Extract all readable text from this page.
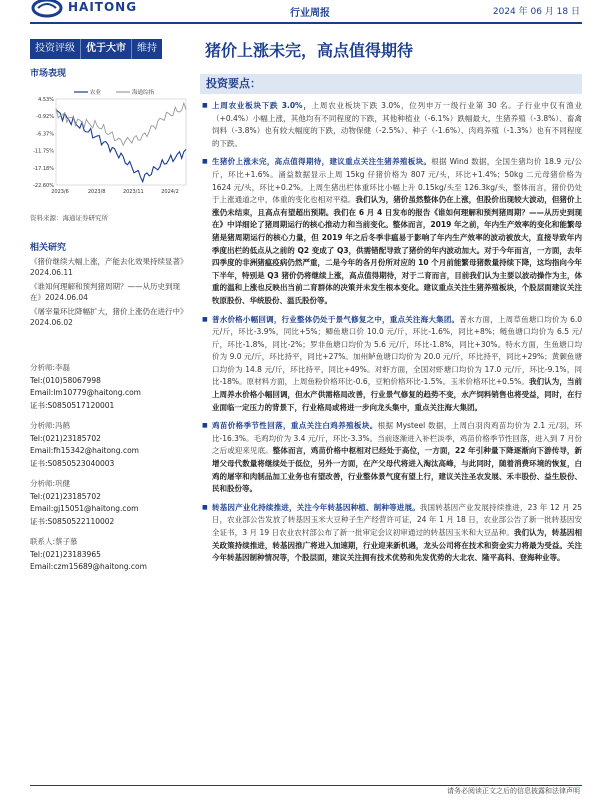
HAITONG	行业周报	2024 年 06 月 18 日
投资评级	优于大市	维持	猪价上涨未完，高点值得期待
市场表现
4.53%
-0.92%
-6.37%
-11.75%
-17.18%
-22.60%
2023/6	2023/8	2023/11	2024/2
农业	海通综指
资料来源：海通证券研究所
相关研究
《猪价继续大幅上涨，产能去化效果持续显著》2024.06.11
《谁知何理解和预判猪周期？——从历史到现在》2024.06.04
《屠宰量环比降幅扩大，猪价上涨仍在进行中》2024.06.02
分析师:李磊
Tel:(010)58067998
Email:lm10779@haitong.com
证书:S0850517120001
分析师:冯鹤
Tel:(021)23185702
Email:fh15342@haitong.com
证书:S0850523040003
分析师:巩健
Tel:(021)23185702
Email:gj15051@haitong.com
证书:S0850522110002
联系人:蔡子慕
Tel:(021)23183965
Email:czm15689@haitong.com
投资要点：
■ 上周农业板块下跌 3.0%，上周农业板块下跌 3.0%，位列申万一级行业第 30 名。子行业中仅有渔业（+0.4%）小幅上涨，其他均有不同程度的下跌，其他种植业（-6.1%）跌幅最大，生猪养殖（-3.8%）、畜禽饲料（-3.8%）也有较大幅度的下跌，动物保健（-2.5%）、种子（-1.6%）、肉鸡养殖（-1.3%）也有不同程度的下跌。
■ 生猪价上涨未完，高点值得期待，建议重点关注生猪养殖板块。根据 Wind 数据，全国生猪均价 18.9 元/公斤，环比+1.6%。涌益数据显示上周 15kg 仔猪价格为 807 元/头，环比+1.4%；50kg 二元母猪价格为 1624 元/头，环比+0.2%。上周生猪出栏体重环比小幅上升 0.15kg/头至 126.3kg/头，整体而言，猪价仍处于上涨通道之中，体重的变化也相对平稳。我们认为，猪价虽然整体仍在上涨，但股价出现较大波动，但猪价上涨仍未结束，且高点有望超出预期。我们在 6 月 4 日发布的报告《谁如何理解和预判猪周期？——从历史到现在》中详细论了猪周期运行的核心推动力和当前变化。整体而言，2019 年之前，年内生产效率的变化和能繁母猪是猪周期运行的核心力量，但 2019 年之后冬季非瘟易于影响了年内生产效率的波动被放大，直接导致年内季度出栏的低点从之前的 Q2 变成了 Q3，供需错配导致了猪价的年内波动加大。对于今年而言，一方面，去年四季度的非洲猪瘟疫病仍然严重，二是今年的各月份所对应的 10 个月前能繁母猪数量持续下降，这均指向今年下半年，特别是 Q3 猪价仍将继续上涨，高点值得期待，对于二育而言，目前我们认为主要以波动操作为主，体重的温和上涨也反映出当前二育群体的决策并未发生根本变化。建议重点关注生猪养殖板块，个股层面建议关注牧原股份、华统股份、温氏股份等。
■ 普水价格小幅回调，行业整体仍处于景气修复之中，重点关注海大集团。普水方面，上周草鱼塘口均价为 6.0 元/斤，环比-3.9%，同比+5%；鲫鱼塘口价 10.0 元/斤，环比-1.6%，同比+8%；鲢鱼塘口均价为 6.5 元/斤，环比-1.8%，同比-2%；罗非鱼塘口均价为 5.6 元/斤，环比-1.8%，同比+30%。特水方面，生鱼塘口均价为 9.0 元/斤，环比持平，同比+27%。加州鲈鱼塘口均价为 20.0 元/斤，环比持平，同比+29%；黄颡鱼塘口均价为 14.8 元/斤，环比持平，同比+49%。对虾方面，全国对虾塘口均价为 17.0 元/斤，环比-9.1%，同比-18%。原材料方面，上周鱼粉价格环比-0.6，豆粕价格环比-1.5%。玉米价格环比+0.5%。我们认为，当前上周养水价格小幅回调，但水产供需格局改善，行业景气修复的趋势不变，水产饲料销售也将受益，同时，在行业面临一定压力的背景下，行业格局或将进一步向龙头集中，重点关注海大集团。
■ 鸡苗价格季节性回落，重点关注白鸡养殖板块。根据 Mysteel 数据，上周白羽肉鸡苗均价为 2.1 元/羽，环比-16.3%。毛鸡均价为 3.4 元/斤，环比-3.3%。当前逐渐进入补栏淡季，鸡苗价格季节性回落，进入到 7 月份之后或迎来见底。整体而言，鸡苗价格中枢相对已经处于高位，一方面，22 年引种量下降逐渐向下游传导，新增父母代数量将继续处于低位，另外一方面，在产父母代将进入淘汰高峰，与此同时，随着消费环境的恢复，白鸡的屠宰和肉制品加工业务也有望改善，行业整体景气度有望上行，建议关注圣农发展、禾丰股份、益生股份、民和股份等。
■ 转基因产业化持续推进，关注今年转基因种植、制种等进展。我国转基因产业发展持续推进，23 年 12 月 25 日，农业部公告发放了转基因玉米大豆种子生产经营许可证，24 年 1 月 18 日，农业部公告了新一批转基因安全证书，3 月 19 日农业农村部公布了新一批审定会议初审通过的转基因玉米和大豆品种。我们认为，转基因相关政策持续推进，转基因推广将进入加速期，行业迎来新机遇，龙头公司将在技术和资金实力将最为受益。关注今年转基因制种情况等，个股层面，建议关注拥有技术优势和先发优势的大北农、隆平高科、登海种业等。
请务必阅读正文之后的信息披露和法律声明
